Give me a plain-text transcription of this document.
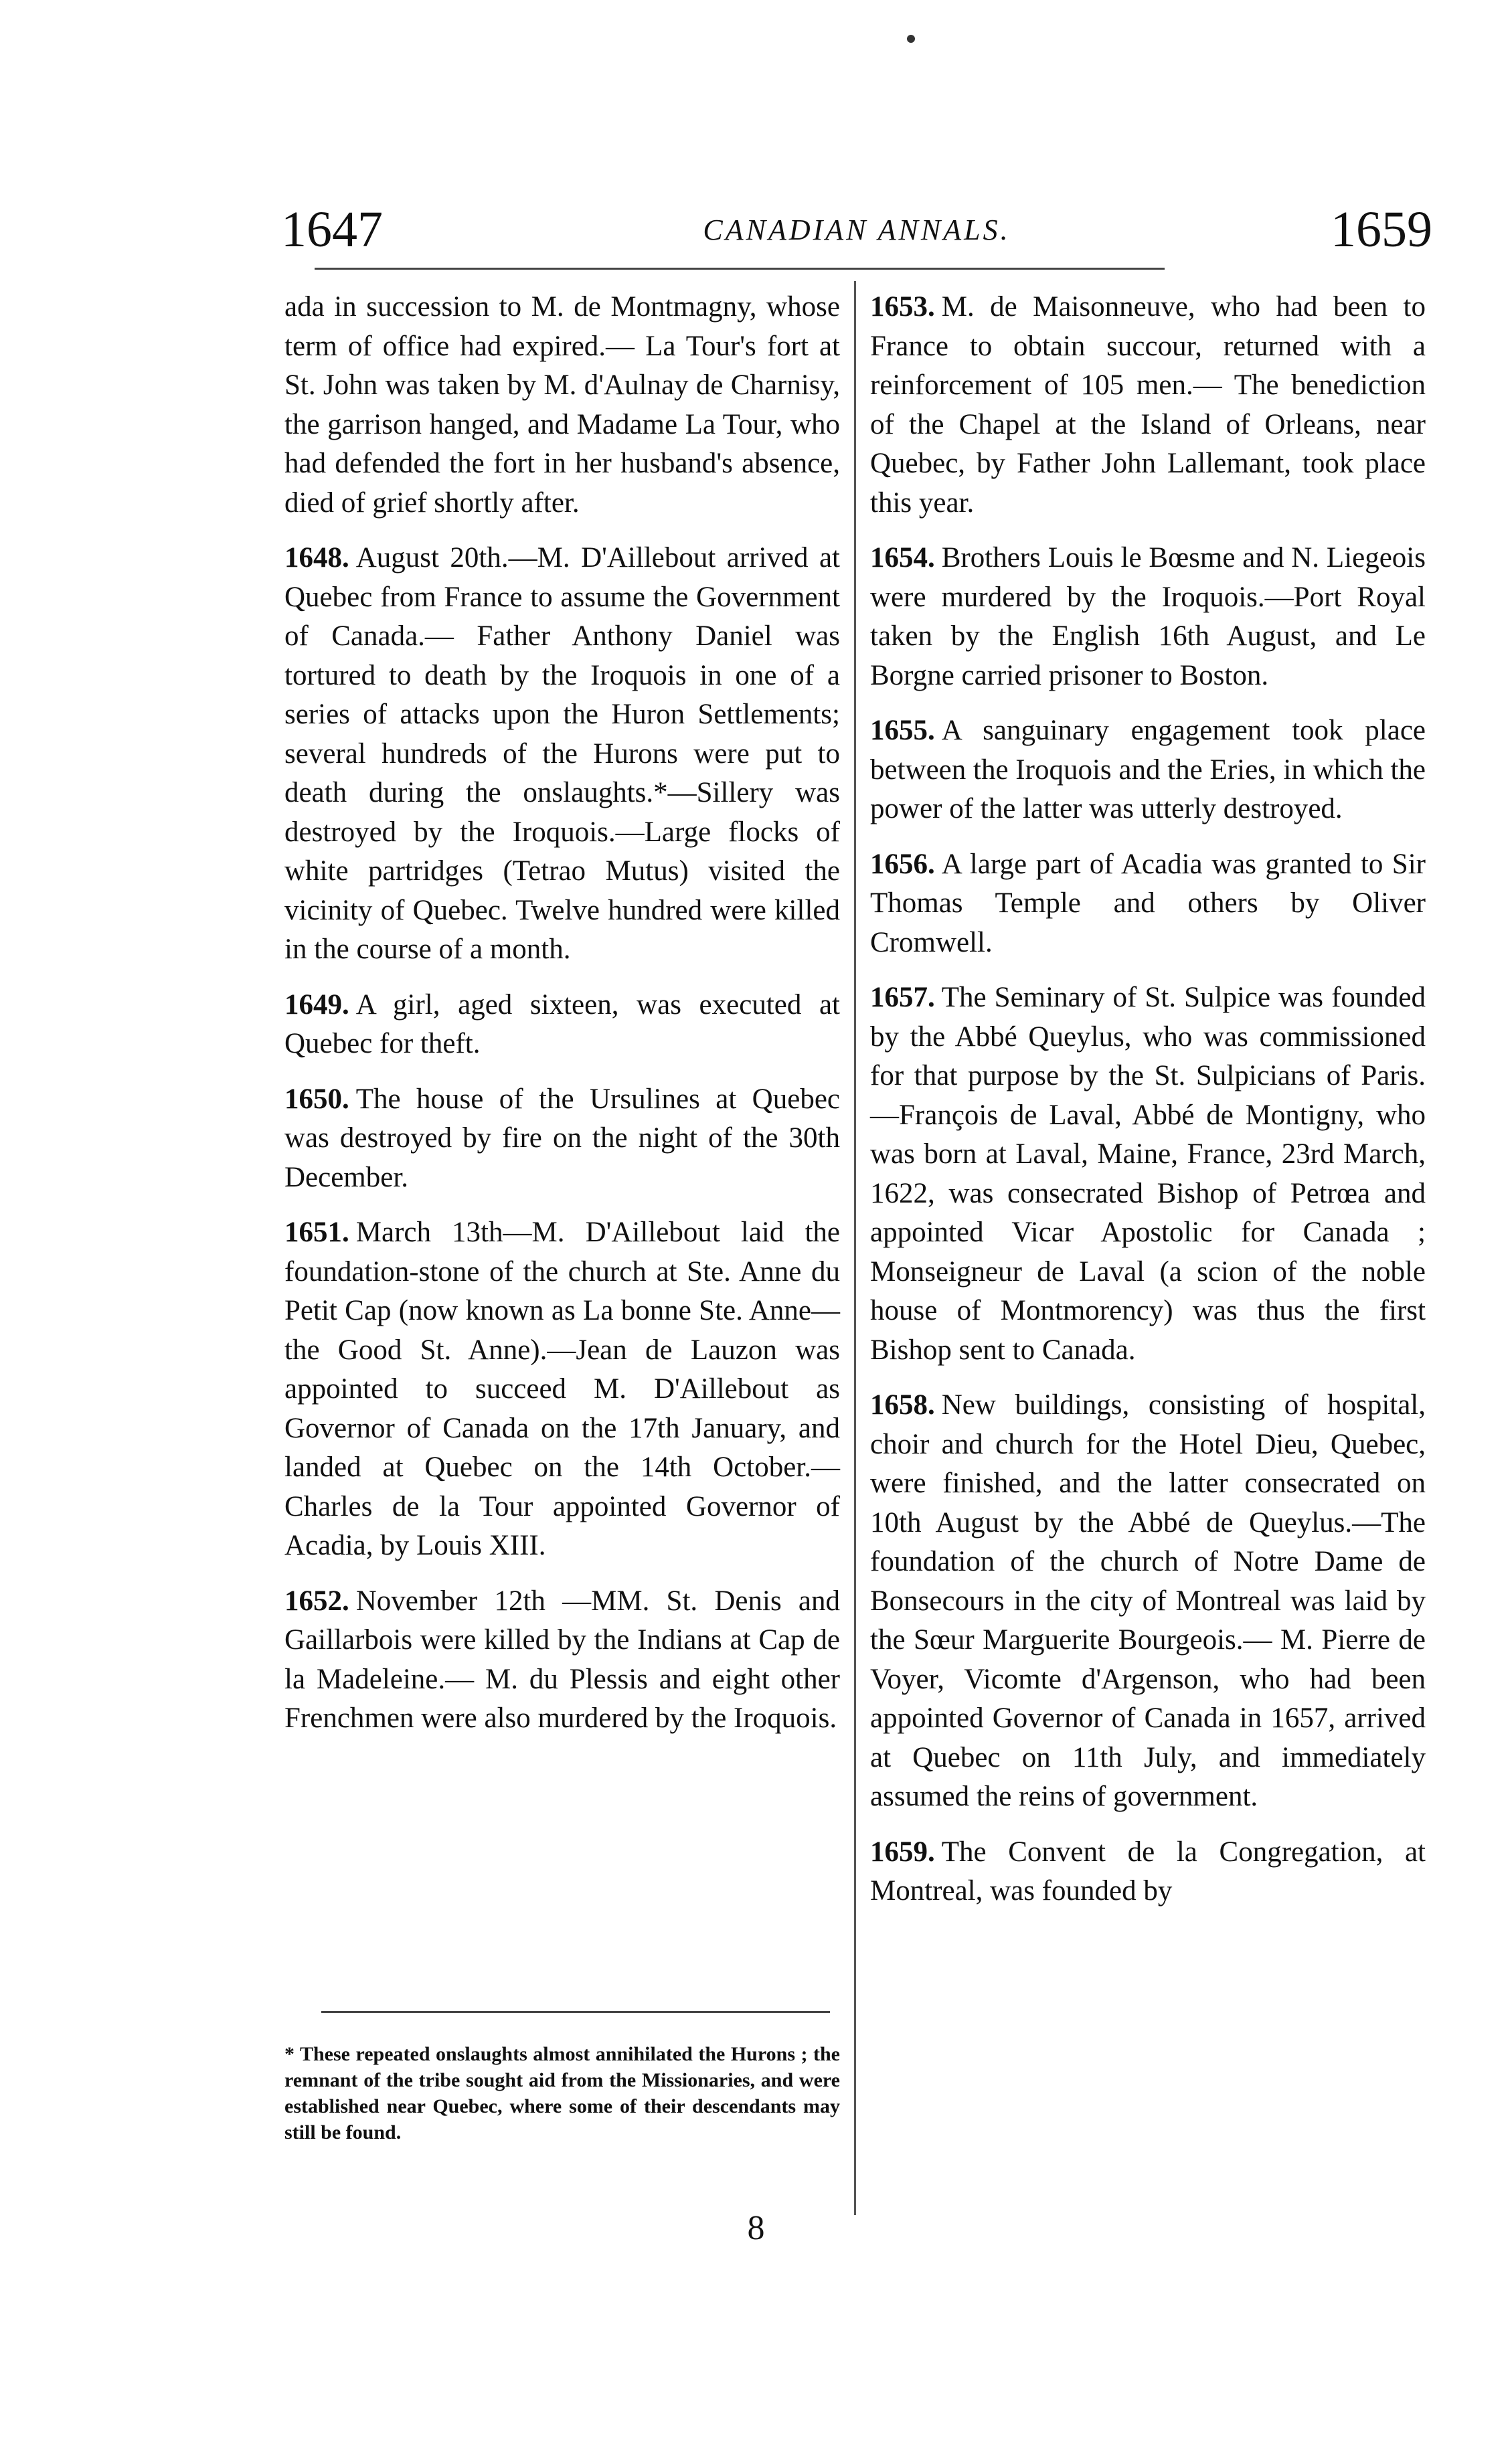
1647	CANADIAN ANNALS.	1659

ada in succession to M. de Montmagny, whose term of office had expired.— La Tour's fort at St. John was taken by M. d'Aulnay de Charnisy, the garrison hanged, and Madame La Tour, who had defended the fort in her husband's absence, died of grief shortly after.

1648. August 20th.—M. D'Aillebout arrived at Quebec from France to assume the Government of Canada.— Father Anthony Daniel was tortured to death by the Iroquois in one of a series of attacks upon the Huron Settlements; several hundreds of the Hurons were put to death during the onslaughts.*—Sillery was destroyed by the Iroquois.—Large flocks of white partridges (Tetrao Mutus) visited the vicinity of Quebec. Twelve hundred were killed in the course of a month.

1649. A girl, aged sixteen, was executed at Quebec for theft.

1650. The house of the Ursulines at Quebec was destroyed by fire on the night of the 30th December.

1651. March 13th—M. D'Aillebout laid the foundation-stone of the church at Ste. Anne du Petit Cap (now known as La bonne Ste. Anne—the Good St. Anne).—Jean de Lauzon was appointed to succeed M. D'Aillebout as Governor of Canada on the 17th January, and landed at Quebec on the 14th October.— Charles de la Tour appointed Governor of Acadia, by Louis XIII.

1652. November 12th —MM. St. Denis and Gaillarbois were killed by the Indians at Cap de la Madeleine.— M. du Plessis and eight other Frenchmen were also murdered by the Iroquois.

* These repeated onslaughts almost annihilated the Hurons ; the remnant of the tribe sought aid from the Missionaries, and were established near Quebec, where some of their descendants may still be found.

1653. M. de Maisonneuve, who had been to France to obtain succour, returned with a reinforcement of 105 men.— The benediction of the Chapel at the Island of Orleans, near Quebec, by Father John Lallemant, took place this year.

1654. Brothers Louis le Bœsme and N. Liegeois were murdered by the Iroquois.—Port Royal taken by the English 16th August, and Le Borgne carried prisoner to Boston.

1655. A sanguinary engagement took place between the Iroquois and the Eries, in which the power of the latter was utterly destroyed.

1656. A large part of Acadia was granted to Sir Thomas Temple and others by Oliver Cromwell.

1657. The Seminary of St. Sulpice was founded by the Abbé Queylus, who was commissioned for that purpose by the St. Sulpicians of Paris.—François de Laval, Abbé de Montigny, who was born at Laval, Maine, France, 23rd March, 1622, was consecrated Bishop of Petrœa and appointed Vicar Apostolic for Canada ; Monseigneur de Laval (a scion of the noble house of Montmorency) was thus the first Bishop sent to Canada.

1658. New buildings, consisting of hospital, choir and church for the Hotel Dieu, Quebec, were finished, and the latter consecrated on 10th August by the Abbé de Queylus.—The foundation of the church of Notre Dame de Bonsecours in the city of Montreal was laid by the Sœur Marguerite Bourgeois.— M. Pierre de Voyer, Vicomte d'Argenson, who had been appointed Governor of Canada in 1657, arrived at Quebec on 11th July, and immediately assumed the reins of government.

1659. The Convent de la Congregation, at Montreal, was founded by

8
